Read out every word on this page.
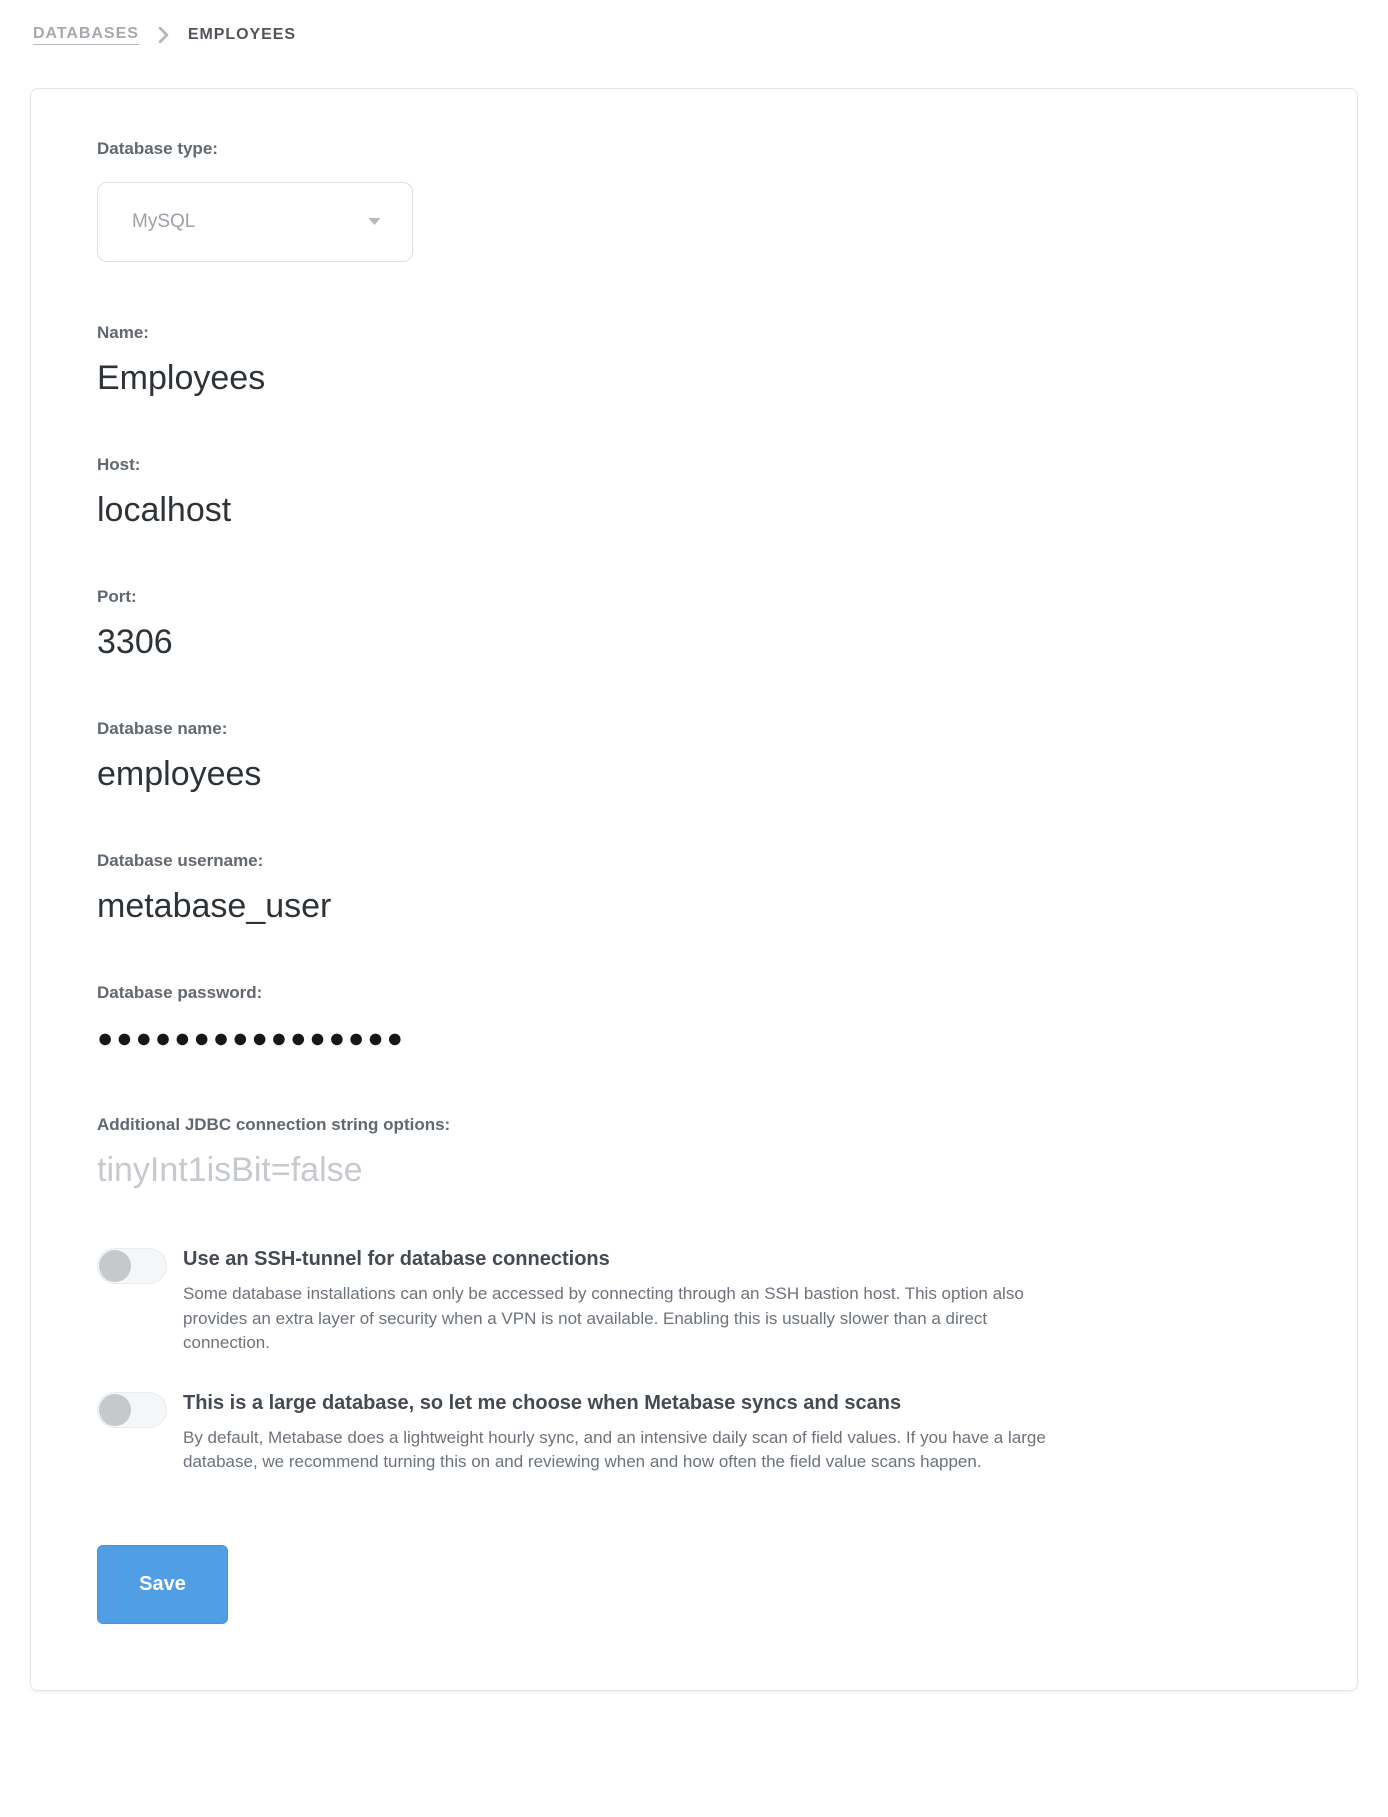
DATABASES	EMPLOYEES
Database type:
MySQL
Name:
Employees
Host:
localhost
Port:
3306
Database name:
employees
Database username:
metabase_user
Database password:
●●●●●●●●●●●●●●●●
Additional JDBC connection string options:
tinyInt1isBit=false
Use an SSH-tunnel for database connections
Some database installations can only be accessed by connecting through an SSH bastion host. This option also provides an extra layer of security when a VPN is not available. Enabling this is usually slower than a direct connection.
This is a large database, so let me choose when Metabase syncs and scans
By default, Metabase does a lightweight hourly sync, and an intensive daily scan of field values. If you have a large database, we recommend turning this on and reviewing when and how often the field value scans happen.
Save
